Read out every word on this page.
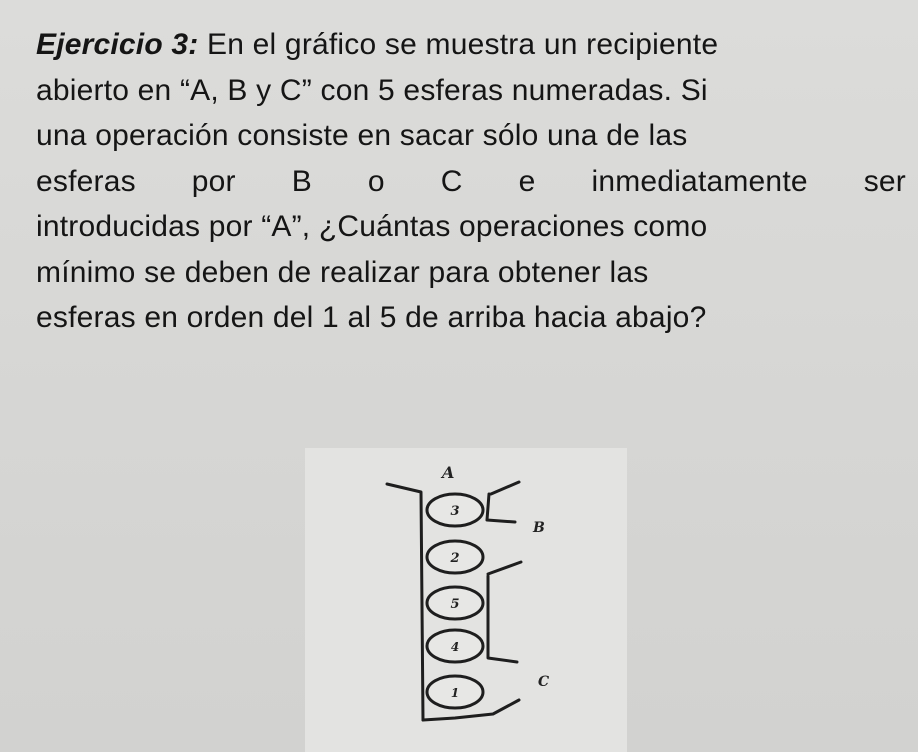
Ejercicio 3: En el gráfico se muestra un recipiente
abierto en “A, B y C” con 5 esferas numeradas. Si
una operación consiste en sacar sólo una de las
esferas por B o C e inmediatamente ser
introducidas por “A”, ¿Cuántas operaciones como
mínimo se deben de realizar para obtener las
esferas en orden del 1 al 5 de arriba hacia abajo?
A
B
C
3
2
5
4
1
